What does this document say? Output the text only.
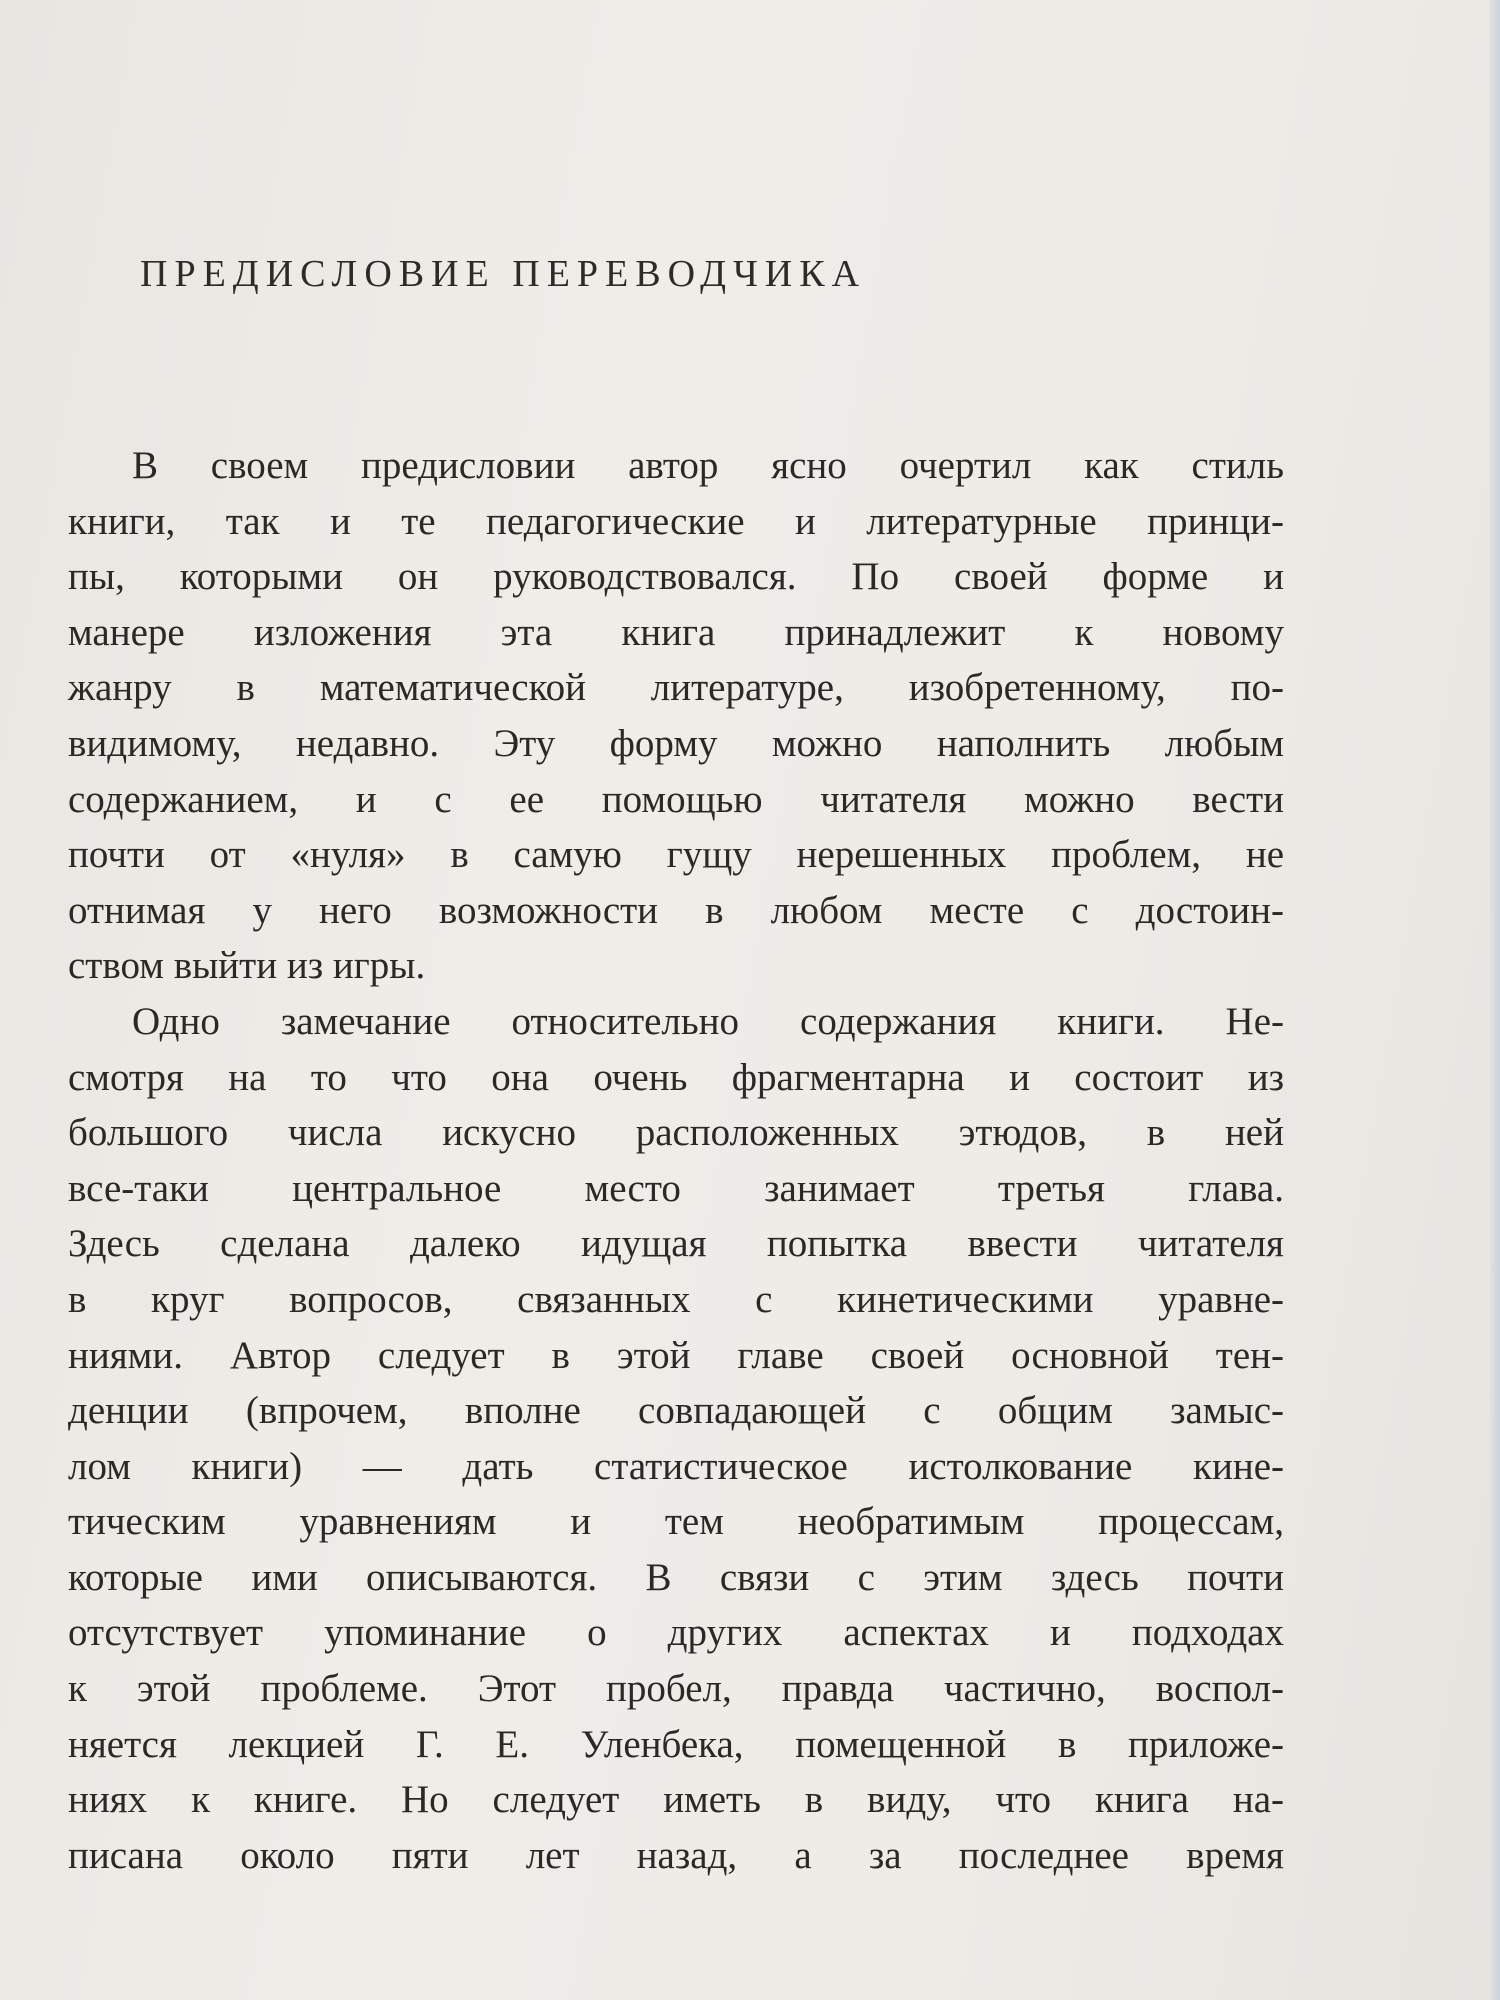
ПРЕДИСЛОВИЕ ПЕРЕВОДЧИКА
В своем предисловии автор ясно очертил как стиль
книги, так и те педагогические и литературные принци-
пы, которыми он руководствовался. По своей форме и
манере изложения эта книга принадлежит к новому
жанру в математической литературе, изобретенному, по-
видимому, недавно. Эту форму можно наполнить любым
содержанием, и с ее помощью читателя можно вести
почти от «нуля» в самую гущу нерешенных проблем, не
отнимая у него возможности в любом месте с достоин-
ством выйти из игры.
Одно замечание относительно содержания книги. Не-
смотря на то что она очень фрагментарна и состоит из
большого числа искусно расположенных этюдов, в ней
все-таки центральное место занимает третья глава.
Здесь сделана далеко идущая попытка ввести читателя
в круг вопросов, связанных с кинетическими уравне-
ниями. Автор следует в этой главе своей основной тен-
денции (впрочем, вполне совпадающей с общим замыс-
лом книги) — дать статистическое истолкование кине-
тическим уравнениям и тем необратимым процессам,
которые ими описываются. В связи с этим здесь почти
отсутствует упоминание о других аспектах и подходах
к этой проблеме. Этот пробел, правда частично, воспол-
няется лекцией Г. Е. Уленбека, помещенной в приложе-
ниях к книге. Но следует иметь в виду, что книга на-
писана около пяти лет назад, а за последнее время
